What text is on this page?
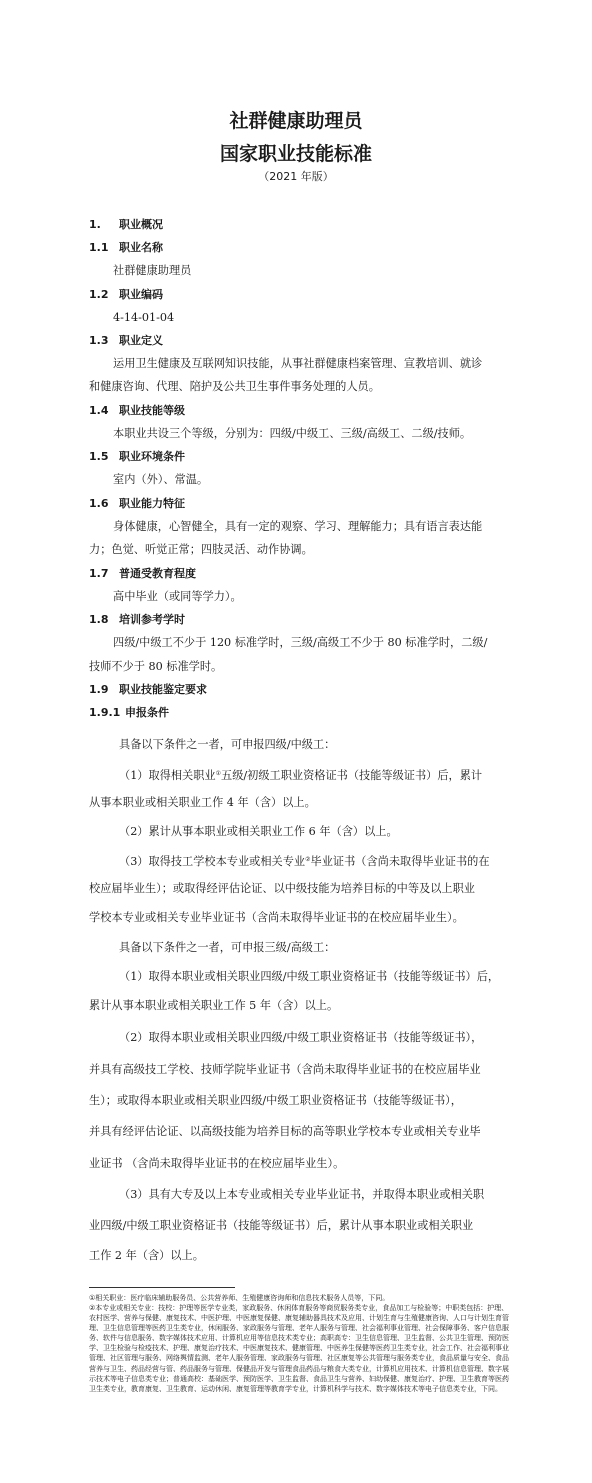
社群健康助理员
国家职业技能标准
（2021 年版）
1. 职业概况
1.1 职业名称
社群健康助理员
1.2 职业编码
4-14-01-04
1.3 职业定义
运用卫生健康及互联网知识技能，从事社群健康档案管理、宣教培训、就诊
和健康咨询、代理、陪护及公共卫生事件事务处理的人员。
1.4 职业技能等级
本职业共设三个等级，分别为：四级/中级工、三级/高级工、二级/技师。
1.5 职业环境条件
室内（外）、常温。
1.6 职业能力特征
身体健康，心智健全，具有一定的观察、学习、理解能力；具有语言表达能
力；色觉、听觉正常；四肢灵活、动作协调。
1.7 普通受教育程度
高中毕业（或同等学力）。
1.8 培训参考学时
四级/中级工不少于 120 标准学时，三级/高级工不少于 80 标准学时，二级/
技师不少于 80 标准学时。
1.9 职业技能鉴定要求
1.9.1 申报条件
具备以下条件之一者，可申报四级/中级工：
（1）取得相关职业①五级/初级工职业资格证书（技能等级证书）后，累计
从事本职业或相关职业工作 4 年（含）以上。
（2）累计从事本职业或相关职业工作 6 年（含）以上。
（3）取得技工学校本专业或相关专业②毕业证书（含尚未取得毕业证书的在
校应届毕业生）；或取得经评估论证、以中级技能为培养目标的中等及以上职业
学校本专业或相关专业毕业证书（含尚未取得毕业证书的在校应届毕业生）。
具备以下条件之一者，可申报三级/高级工：
（1）取得本职业或相关职业四级/中级工职业资格证书（技能等级证书）后，
累计从事本职业或相关职业工作 5 年（含）以上。
（2）取得本职业或相关职业四级/中级工职业资格证书（技能等级证书），
并具有高级技工学校、技师学院毕业证书（含尚未取得毕业证书的在校应届毕业
生）；或取得本职业或相关职业四级/中级工职业资格证书（技能等级证书），
并具有经评估论证、以高级技能为培养目标的高等职业学校本专业或相关专业毕
业证书 （含尚未取得毕业证书的在校应届毕业生）。
（3）具有大专及以上本专业或相关专业毕业证书，并取得本职业或相关职
业四级/中级工职业资格证书（技能等级证书）后，累计从事本职业或相关职业
工作 2 年（含）以上。
①相关职业：医疗临床辅助服务员、公共营养师、生殖健康咨询师和信息技术服务人员等，下同。
②本专业或相关专业：技校：护理等医学专业类，家政服务、休闲体育服务等商贸服务类专业，食品加工与检验等；中职类包括：护理、农村医学、营养与保健、康复技术、中医护理、中医康复保健、康复辅助器具技术及应用、计划生育与生殖健康咨询、人口与计划生育管理、卫生信息管理等医药卫生类专业，休闲服务、家政服务与管理、老年人服务与管理、社会福利事业管理、社会保障事务、客户信息服务、软件与信息服务、数字媒体技术应用、计算机应用等信息技术类专业；高职高专：卫生信息管理、卫生监督、公共卫生管理、预防医学、卫生检验与检疫技术、护理、康复治疗技术、中医康复技术、健康管理、中医养生保健等医药卫生类专业，社会工作、社会福利事业管理、社区管理与服务、网络舆情监测、老年人服务管理、家政服务与管理、社区康复等公共管理与服务类专业，食品质量与安全、食品营养与卫生、药品经营与管、药品服务与管理、保健品开发与管理食品药品与粮食大类专业，计算机应用技术、计算机信息管理、数字展示技术等电子信息类专业；普通高校：基础医学、预防医学、卫生监督、食品卫生与营养、妇幼保健、康复治疗、护理、卫生教育等医药卫生类专业，教育康复、卫生教育、运动休闲、康复管理等教育学专业，计算机科学与技术、数字媒体技术等电子信息类专业，下同。
